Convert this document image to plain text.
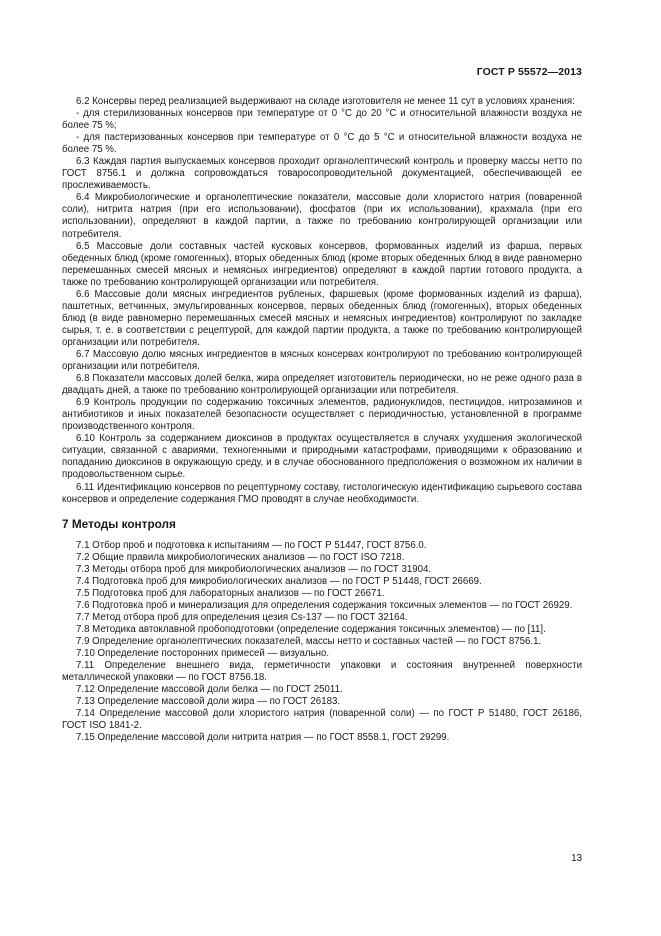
ГОСТ Р 55572—2013

6.2 Консервы перед реализацией выдерживают на складе изготовителя не менее 11 сут в условиях хранения:

- для стерилизованных консервов при температуре от 0 °С до 20 °С и относительной влажности воздуха не более 75 %;

- для пастеризованных консервов при температуре от 0 °С до 5 °С и относительной влажности воздуха не более 75 %.

6.3 Каждая партия выпускаемых консервов проходит органолептический контроль и проверку массы нетто по ГОСТ 8756.1 и должна сопровождаться товаросопроводительной документацией, обеспечивающей ее прослеживаемость.

6.4 Микробиологические и органолептические показатели, массовые доли хлористого натрия (поваренной соли), нитрита натрия (при его использовании), фосфатов (при их использовании), крахмала (при его использовании), определяют в каждой партии, а также по требованию контролирующей организации или потребителя.

6.5 Массовые доли составных частей кусковых консервов, формованных изделий из фарша, первых обеденных блюд (кроме гомогенных), вторых обеденных блюд (кроме вторых обеденных блюд в виде равномерно перемешанных смесей мясных и немясных ингредиентов) определяют в каждой партии готового продукта, а также по требованию контролирующей организации или потребителя.

6.6 Массовые доли мясных ингредиентов рубленых, фаршевых (кроме формованных изделий из фарша), паштетных, ветчинных, эмульгированных консервов, первых обеденных блюд (гомогенных), вторых обеденных блюд (в виде равномерно перемешанных смесей мясных и немясных ингредиентов) контролируют по закладке сырья, т. е. в соответствии с рецептурой, для каждой партии продукта, а также по требованию контролирующей организации или потребителя.

6.7 Массовую долю мясных ингредиентов в мясных консервах контролируют по требованию контролирующей организации или потребителя.

6.8 Показатели массовых долей белка, жира определяет изготовитель периодически, но не реже одного раза в двадцать дней, а также по требованию контролирующей организации или потребителя.

6.9 Контроль продукции по содержанию токсичных элементов, радионуклидов, пестицидов, нитрозаминов и антибиотиков и иных показателей безопасности осуществляет с периодичностью, установленной в программе производственного контроля.

6.10 Контроль за содержанием диоксинов в продуктах осуществляется в случаях ухудшения экологической ситуации, связанной с авариями, техногенными и природными катастрофами, приводящими к образованию и попаданию диоксинов в окружающую среду, и в случае обоснованного предположения о возможном их наличии в продовольственном сырье.

6.11 Идентификацию консервов по рецептурному составу, гистологическую идентификацию сырьевого состава консервов и определение содержания ГМО проводят в случае необходимости.

7 Методы контроля

7.1 Отбор проб и подготовка к испытаниям — по ГОСТ Р 51447, ГОСТ 8756.0.

7.2 Общие правила микробиологических анализов — по ГОСТ ISO 7218.

7.3 Методы отбора проб для микробиологических анализов — по ГОСТ 31904.

7.4 Подготовка проб для микробиологических анализов — по ГОСТ Р 51448, ГОСТ 26669.

7.5 Подготовка проб для лабораторных анализов — по ГОСТ 26671.

7.6 Подготовка проб и минерализация для определения содержания токсичных элементов — по ГОСТ 26929.

7.7 Метод отбора проб для определения цезия Cs-137 — по ГОСТ 32164.

7.8 Методика автоклавной пробоподготовки (определение содержания токсичных элементов) — по [11].

7.9 Определение органолептических показателей, массы нетто и составных частей — по ГОСТ 8756.1.

7.10 Определение посторонних примесей — визуально.

7.11 Определение внешнего вида, герметичности упаковки и состояния внутренней поверхности металлической упаковки — по ГОСТ 8756.18.

7.12 Определение массовой доли белка — по ГОСТ 25011.

7.13 Определение массовой доли жира — по ГОСТ 26183.

7.14 Определение массовой доли хлористого натрия (поваренной соли) — по ГОСТ Р 51480, ГОСТ 26186, ГОСТ ISO 1841-2.

7.15 Определение массовой доли нитрита натрия — по ГОСТ 8558.1, ГОСТ 29299.

13
